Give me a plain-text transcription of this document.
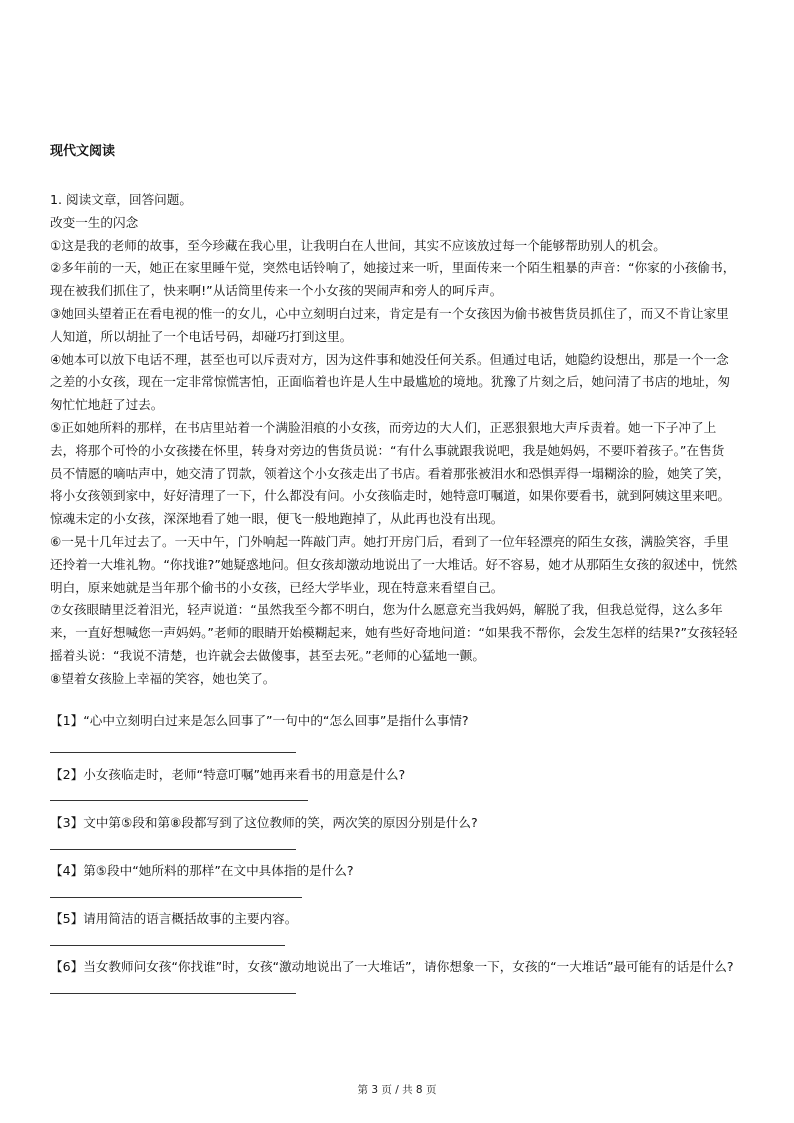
现代文阅读
1. 阅读文章，回答问题。
改变一生的闪念
①这是我的老师的故事，至今珍藏在我心里，让我明白在人世间，其实不应该放过每一个能够帮助别人的机会。
②多年前的一天，她正在家里睡午觉，突然电话铃响了，她接过来一听，里面传来一个陌生粗暴的声音：“你家的小孩偷书，
现在被我们抓住了，快来啊!”从话筒里传来一个小女孩的哭闹声和旁人的呵斥声。
③她回头望着正在看电视的惟一的女儿，心中立刻明白过来，肯定是有一个女孩因为偷书被售货员抓住了，而又不肯让家里
人知道，所以胡扯了一个电话号码，却碰巧打到这里。
④她本可以放下电话不理，甚至也可以斥责对方，因为这件事和她没任何关系。但通过电话，她隐约设想出，那是一个一念
之差的小女孩，现在一定非常惊慌害怕，正面临着也许是人生中最尴尬的境地。犹豫了片刻之后，她问清了书店的地址，匆
匆忙忙地赶了过去。
⑤正如她所料的那样，在书店里站着一个满脸泪痕的小女孩，而旁边的大人们，正恶狠狠地大声斥责着。她一下子冲了上
去，将那个可怜的小女孩搂在怀里，转身对旁边的售货员说：“有什么事就跟我说吧，我是她妈妈，不要吓着孩子。”在售货
员不情愿的嘀咕声中，她交清了罚款，领着这个小女孩走出了书店。看着那张被泪水和恐惧弄得一塌糊涂的脸，她笑了笑，
将小女孩领到家中，好好清理了一下，什么都没有问。小女孩临走时，她特意叮嘱道，如果你要看书，就到阿姨这里来吧。
惊魂未定的小女孩，深深地看了她一眼，便飞一般地跑掉了，从此再也没有出现。
⑥一晃十几年过去了。一天中午，门外响起一阵敲门声。她打开房门后，看到了一位年轻漂亮的陌生女孩，满脸笑容，手里
还拎着一大堆礼物。“你找谁?”她疑惑地问。但女孩却激动地说出了一大堆话。好不容易，她才从那陌生女孩的叙述中，恍然
明白，原来她就是当年那个偷书的小女孩，已经大学毕业，现在特意来看望自己。
⑦女孩眼睛里泛着泪光，轻声说道：“虽然我至今都不明白，您为什么愿意充当我妈妈，解脱了我，但我总觉得，这么多年
来，一直好想喊您一声妈妈。”老师的眼睛开始模糊起来，她有些好奇地问道：“如果我不帮你，会发生怎样的结果?”女孩轻轻
摇着头说：“我说不清楚，也许就会去做傻事，甚至去死。”老师的心猛地一颤。
⑧望着女孩脸上幸福的笑容，她也笑了。
【1】“心中立刻明白过来是怎么回事了”一句中的“怎么回事”是指什么事情?
【2】小女孩临走时，老师“特意叮嘱”她再来看书的用意是什么?
【3】文中第⑤段和第⑧段都写到了这位教师的笑，两次笑的原因分别是什么?
【4】第⑤段中“她所料的那样”在文中具体指的是什么?
【5】请用简洁的语言概括故事的主要内容。
【6】当女教师问女孩“你找谁”时，女孩“激动地说出了一大堆话”，请你想象一下，女孩的“一大堆话”最可能有的话是什么?
第 3 页 / 共 8 页
